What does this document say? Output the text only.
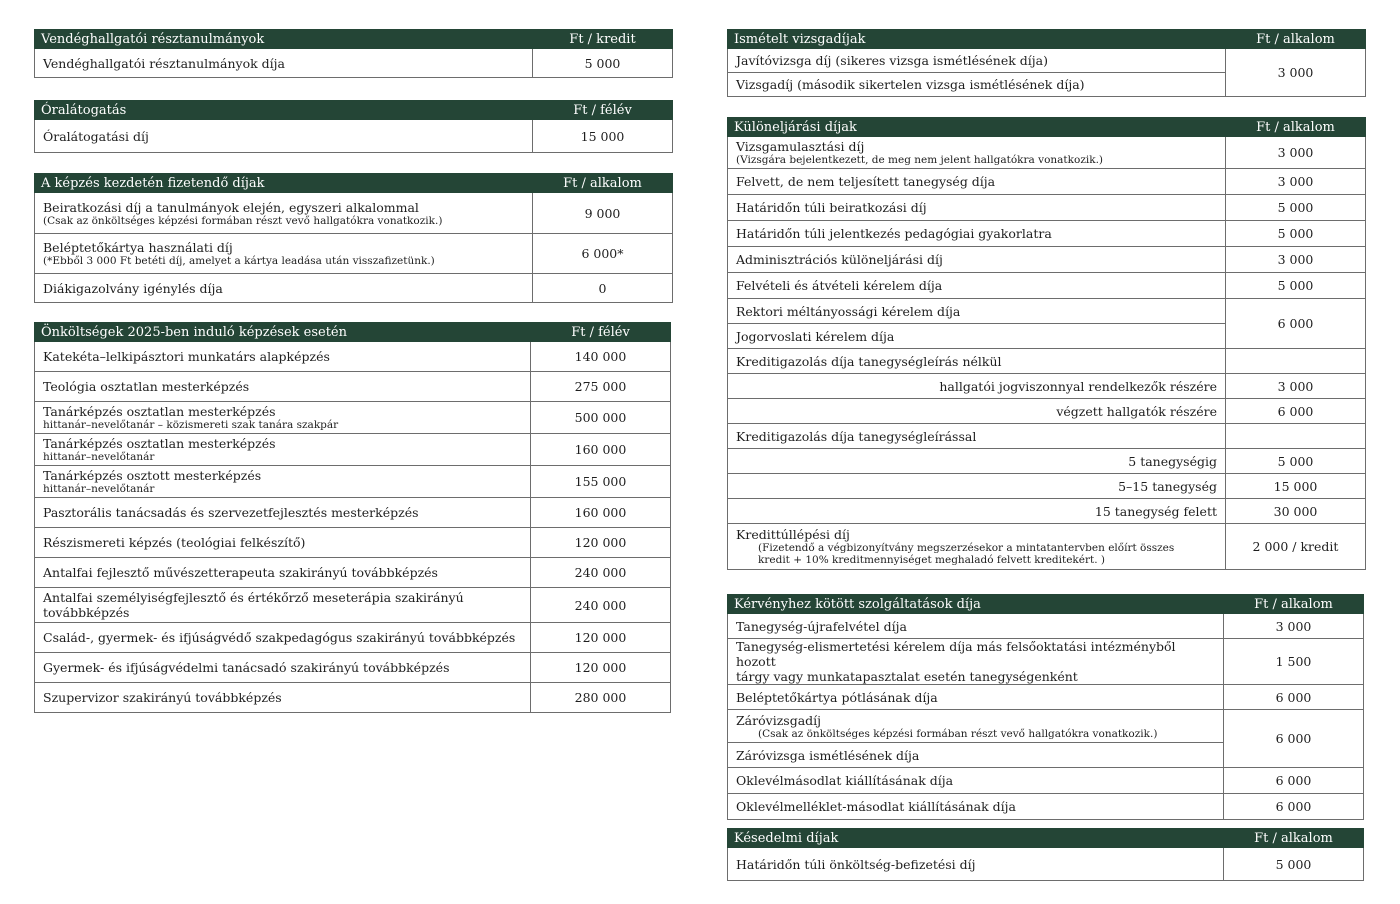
Vendéghallgatói résztanulmányok	Ft / kredit
Vendéghallgatói résztanulmányok díja	5 000
Óralátogatás	Ft / félév
Óralátogatási díj	15 000
A képzés kezdetén fizetendő díjak	Ft / alkalom
Beiratkozási díj a tanulmányok elején, egyszeri alkalommal
(Csak az önköltséges képzési formában részt vevő hallgatókra vonatkozik.)	9 000
Beléptetőkártya használati díj
(*Ebből 3 000 Ft betéti díj, amelyet a kártya leadása után visszafizetünk.)	6 000*
Diákigazolvány igénylés díja	0
Önköltségek 2025-ben induló képzések esetén	Ft / félév
Katekéta–lelkipásztori munkatárs alapképzés	140 000
Teológia osztatlan mesterképzés	275 000
Tanárképzés osztatlan mesterképzés
hittanár–nevelőtanár – közismereti szak tanára szakpár	500 000
Tanárképzés osztatlan mesterképzés
hittanár–nevelőtanár	160 000
Tanárképzés osztott mesterképzés
hittanár–nevelőtanár	155 000
Pasztorális tanácsadás és szervezetfejlesztés mesterképzés	160 000
Részismereti képzés (teológiai felkészítő)	120 000
Antalfai fejlesztő művészetterapeuta szakirányú továbbképzés	240 000
Antalfai személyiségfejlesztő és értékőrző meseterápia szakirányú továbbképzés	240 000
Család-, gyermek- és ifjúságvédő szakpedagógus szakirányú továbbképzés	120 000
Gyermek- és ifjúságvédelmi tanácsadó szakirányú továbbképzés	120 000
Szupervizor szakirányú továbbképzés	280 000
Ismételt vizsgadíjak	Ft / alkalom
Javítóvizsga díj (sikeres vizsga ismétlésének díja)	3 000
Vizsgadíj (második sikertelen vizsga ismétlésének díja)	
Különeljárási díjak	Ft / alkalom
Vizsgamulasztási díj
(Vizsgára bejelentkezett, de meg nem jelent hallgatókra vonatkozik.)	3 000
Felvett, de nem teljesített tanegység díja	3 000
Határidőn túli beiratkozási díj	5 000
Határidőn túli jelentkezés pedagógiai gyakorlatra	5 000
Adminisztrációs különeljárási díj	3 000
Felvételi és átvételi kérelem díja	5 000
Rektori méltányossági kérelem díja	6 000
Jogorvoslati kérelem díja	
Kreditigazolás díja tanegységleírás nélkül	
hallgatói jogviszonnyal rendelkezők részére	3 000
végzett hallgatók részére	6 000
Kreditigazolás díja tanegységleírással	
5 tanegységig	5 000
5–15 tanegység	15 000
15 tanegység felett	30 000
Kredittúllépési díj
(Fizetendő a végbizonyítvány megszerzésekor a mintatantervben előírt összes
kredit + 10% kreditmennyiséget meghaladó felvett kreditekért. )	2 000 / kredit
Kérvényhez kötött szolgáltatások díja	Ft / alkalom
Tanegység-újrafelvétel díja	3 000
Tanegység-elismertetési kérelem díja más felsőoktatási intézményből hozott
tárgy vagy munkatapasztalat esetén tanegységenként	1 500
Beléptetőkártya pótlásának díja	6 000
Záróvizsgadíj
(Csak az önköltséges képzési formában részt vevő hallgatókra vonatkozik.)	6 000
Záróvizsga ismétlésének díja	
Oklevélmásodlat kiállításának díja	6 000
Oklevélmelléklet-másodlat kiállításának díja	6 000
Késedelmi díjak	Ft / alkalom
Határidőn túli önköltség-befizetési díj	5 000
